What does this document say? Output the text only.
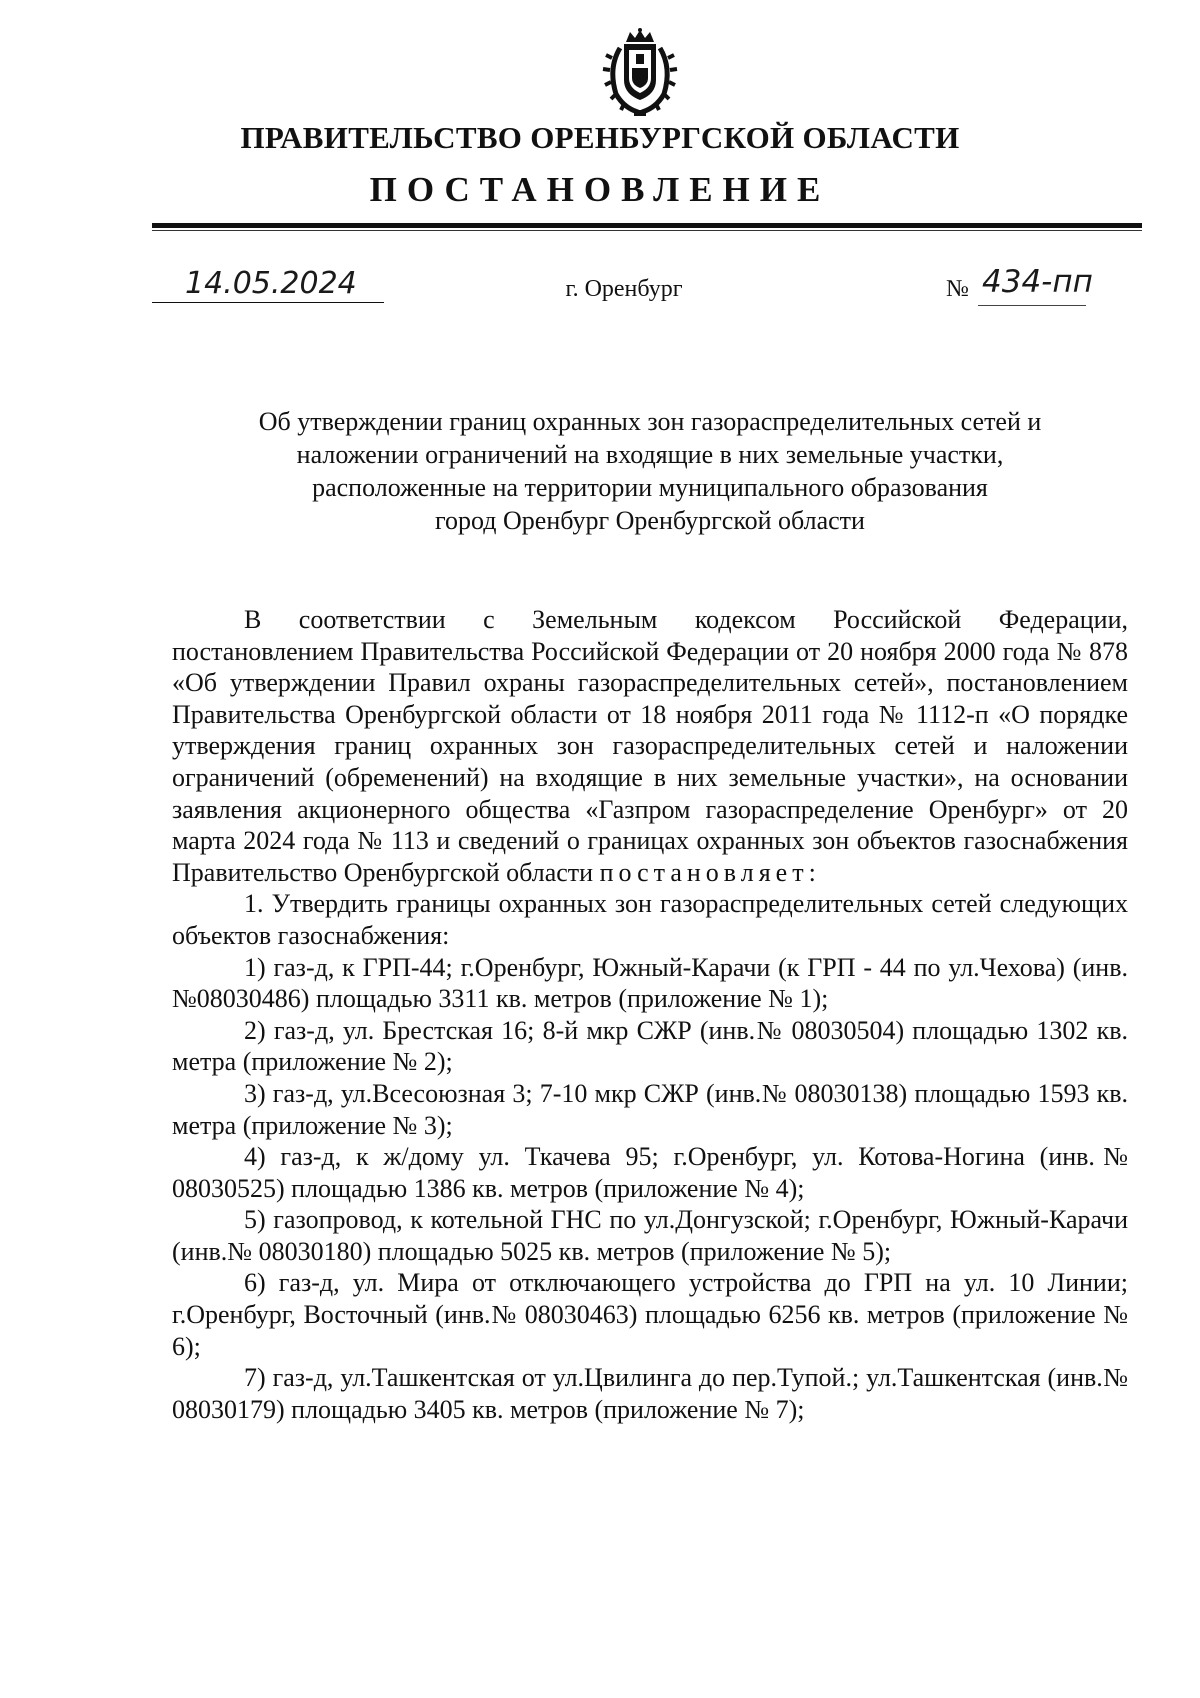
ПРАВИТЕЛЬСТВО ОРЕНБУРГСКОЙ ОБЛАСТИ
ПОСТАНОВЛЕНИЕ
14.05.2024	г. Оренбург	№ 434-пп
Об утверждении границ охранных зон газораспределительных сетей и
наложении ограничений на входящие в них земельные участки,
расположенные на территории муниципального образования
город Оренбург Оренбургской области

В соответствии с Земельным кодексом Российской Федерации, постановлением Правительства Российской Федерации от 20 ноября 2000 года № 878 «Об утверждении Правил охраны газораспределительных сетей», постановлением Правительства Оренбургской области от 18 ноября 2011 года № 1112-п «О порядке утверждения границ охранных зон газораспределительных сетей и наложении ограничений (обременений) на входящие в них земельные участки», на основании заявления акционерного общества «Газпром газораспределение Оренбург» от 20 марта 2024 года № 113 и сведений о границах охранных зон объектов газоснабжения Правительство Оренбургской области постановляет:

1. Утвердить границы охранных зон газораспределительных сетей следующих объектов газоснабжения:

1) газ-д, к ГРП-44; г.Оренбург, Южный-Карачи (к ГРП - 44 по ул.Чехова) (инв. №08030486) площадью 3311 кв. метров (приложение № 1);

2) газ-д, ул. Брестская 16; 8-й мкр СЖР (инв.№ 08030504) площадью 1302 кв. метра (приложение № 2);

3) газ-д, ул.Всесоюзная 3; 7-10 мкр СЖР (инв.№ 08030138) площадью 1593 кв. метра (приложение № 3);

4) газ-д, к ж/дому ул. Ткачева 95; г.Оренбург, ул. Котова-Ногина (инв.№ 08030525) площадью 1386 кв. метров (приложение № 4);

5) газопровод, к котельной ГНС по ул.Донгузской; г.Оренбург, Южный-Карачи (инв.№ 08030180) площадью 5025 кв. метров (приложение № 5);

6) газ-д, ул. Мира от отключающего устройства до ГРП на ул. 10 Линии; г.Оренбург, Восточный (инв.№ 08030463) площадью 6256 кв. метров (приложение № 6);

7) газ-д, ул.Ташкентская от ул.Цвилинга до пер.Тупой.; ул.Ташкентская (инв.№ 08030179) площадью 3405 кв. метров (приложение № 7);
